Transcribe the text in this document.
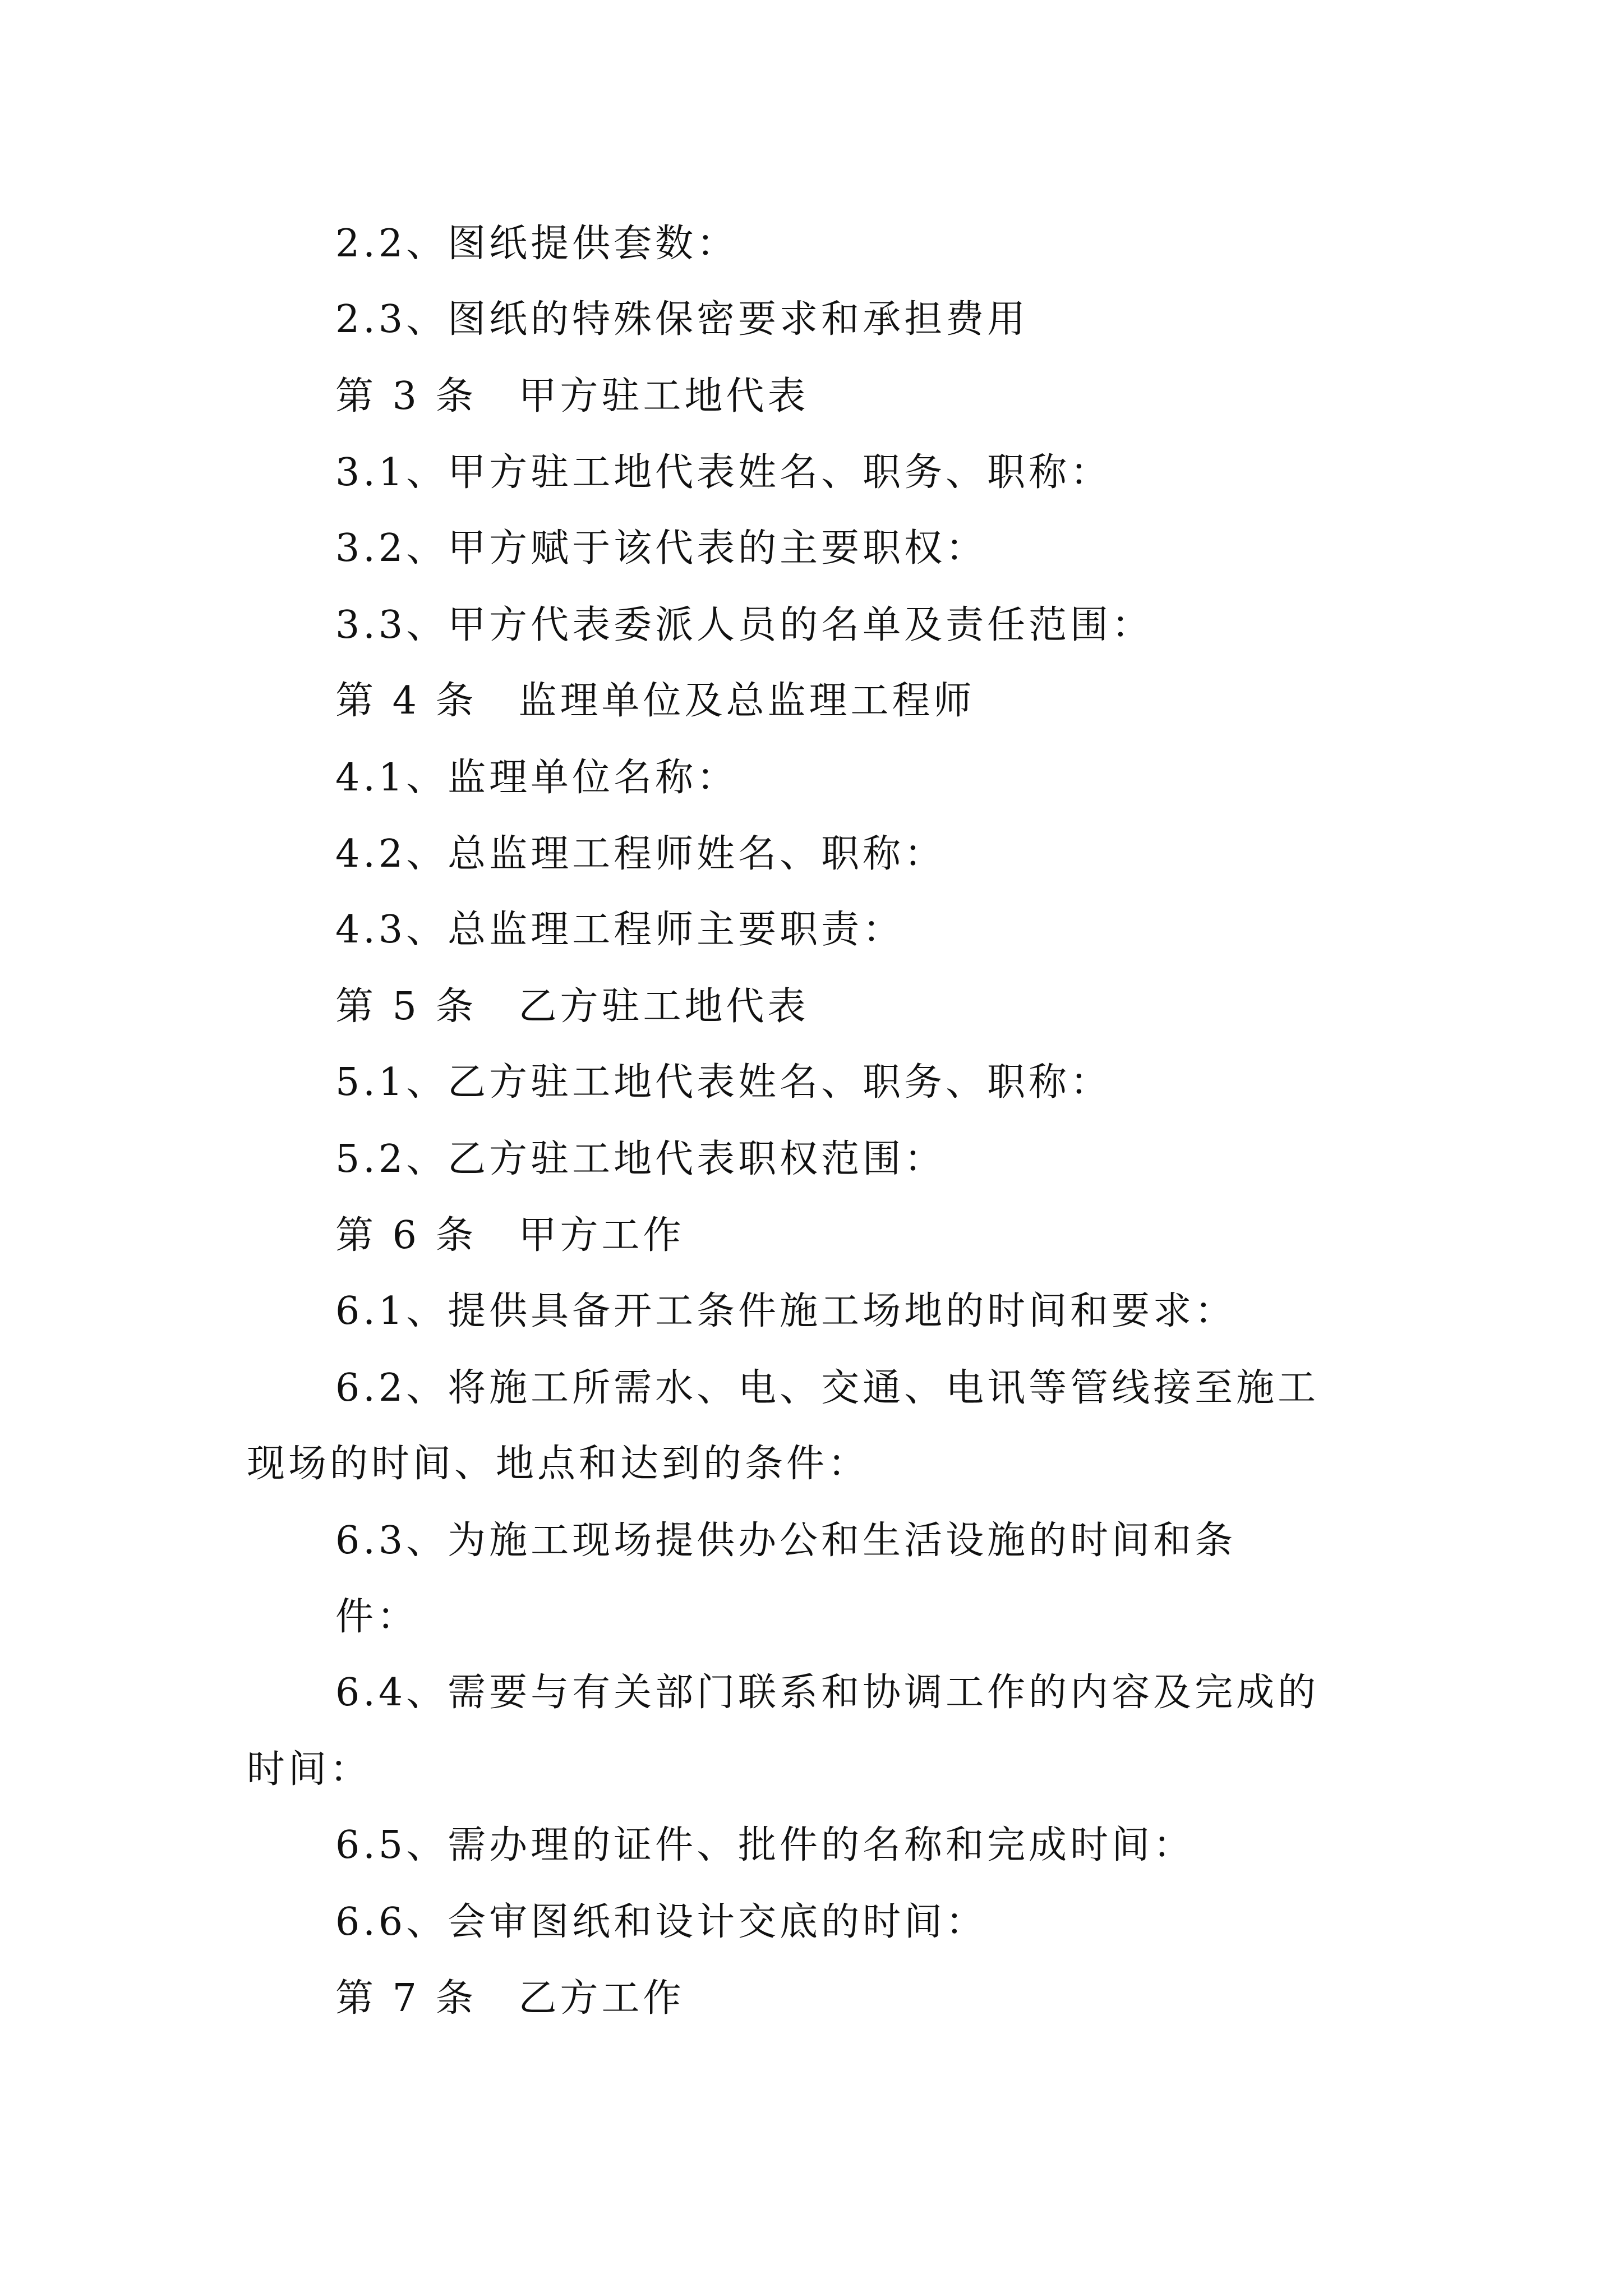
2.2、图纸提供套数：
2.3、图纸的特殊保密要求和承担费用
第 3 条　甲方驻工地代表
3.1、甲方驻工地代表姓名、职务、职称：
3.2、甲方赋于该代表的主要职权：
3.3、甲方代表委派人员的名单及责任范围：
第 4 条　监理单位及总监理工程师
4.1、监理单位名称：
4.2、总监理工程师姓名、职称：
4.3、总监理工程师主要职责：
第 5 条　乙方驻工地代表
5.1、乙方驻工地代表姓名、职务、职称：
5.2、乙方驻工地代表职权范围：
第 6 条　甲方工作
6.1、提供具备开工条件施工场地的时间和要求：
6.2、将施工所需水、电、交通、电讯等管线接至施工
现场的时间、地点和达到的条件：
6.3、为施工现场提供办公和生活设施的时间和条
件：
6.4、需要与有关部门联系和协调工作的内容及完成的
时间：
6.5、需办理的证件、批件的名称和完成时间：
6.6、会审图纸和设计交底的时间：
第 7 条　乙方工作
